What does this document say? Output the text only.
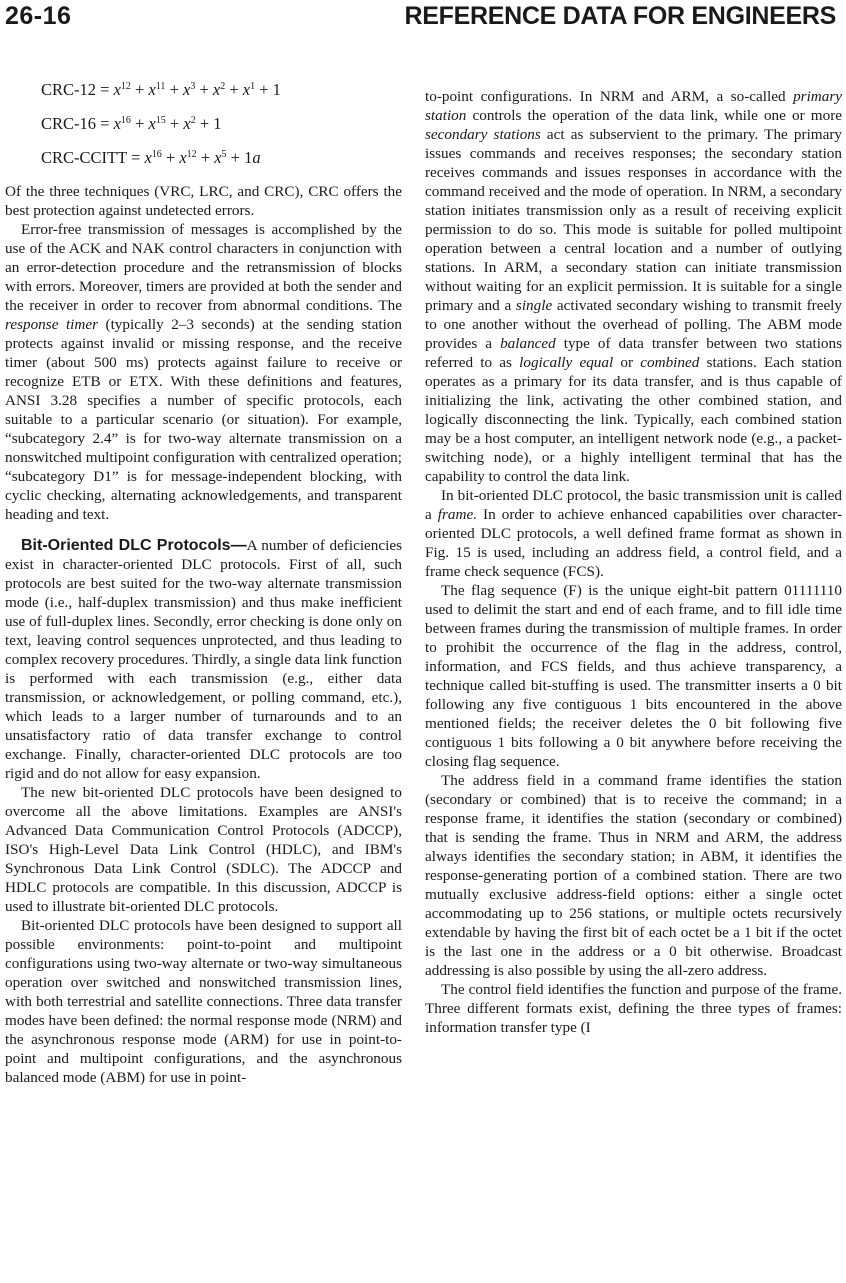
26-16	REFERENCE DATA FOR ENGINEERS
$CRC-12 = x^{12} + x^{11} + x^3 + x^2 + x^1 + 1$
$CRC-16 = x^{16} + x^{15} + x^2 + 1$
CRC-CCITT = $x^{16} + x^{12} + x^5 + 1a$

Of the three techniques (VRC, LRC, and CRC), CRC offers the best protection against undetected errors.

Error-free transmission of messages is accomplished by the use of the ACK and NAK control characters in conjunction with an error-detection procedure and the retransmission of blocks with errors. Moreover, timers are provided at both the sender and the receiver in order to recover from abnormal conditions. The response timer (typically 2–3 seconds) at the sending station protects against invalid or missing response, and the receive timer (about 500 ms) protects against failure to receive or recognize ETB or ETX. With these definitions and features, ANSI 3.28 specifies a number of specific protocols, each suitable to a particular scenario (or situation). For example, “subcategory 2.4” is for two-way alternate transmission on a nonswitched multipoint configuration with centralized operation; “subcategory D1” is for message-independent blocking, with cyclic checking, alternating acknowledgements, and transparent heading and text.

Bit-Oriented DLC Protocols—A number of deficiencies exist in character-oriented DLC protocols. First of all, such protocols are best suited for the two-way alternate transmission mode (i.e., half-duplex transmission) and thus make inefficient use of full-duplex lines. Secondly, error checking is done only on text, leaving control sequences unprotected, and thus leading to complex recovery procedures. Thirdly, a single data link function is performed with each transmission (e.g., either data transmission, or acknowledgement, or polling command, etc.), which leads to a larger number of turnarounds and to an unsatisfactory ratio of data transfer exchange to control exchange. Finally, character-oriented DLC protocols are too rigid and do not allow for easy expansion.

The new bit-oriented DLC protocols have been designed to overcome all the above limitations. Examples are ANSI's Advanced Data Communication Control Protocols (ADCCP), ISO's High-Level Data Link Control (HDLC), and IBM's Synchronous Data Link Control (SDLC). The ADCCP and HDLC protocols are compatible. In this discussion, ADCCP is used to illustrate bit-oriented DLC protocols.

Bit-oriented DLC protocols have been designed to support all possible environments: point-to-point and multipoint configurations using two-way alternate or two-way simultaneous operation over switched and nonswitched transmission lines, with both terrestrial and satellite connections. Three data transfer modes have been defined: the normal response mode (NRM) and the asynchronous response mode (ARM) for use in point-to-point and multipoint configurations, and the asynchronous balanced mode (ABM) for use in point-

to-point configurations. In NRM and ARM, a so-called primary station controls the operation of the data link, while one or more secondary stations act as subservient to the primary. The primary issues commands and receives responses; the secondary station receives commands and issues responses in accordance with the command received and the mode of operation. In NRM, a secondary station initiates transmission only as a result of receiving explicit permission to do so. This mode is suitable for polled multipoint operation between a central location and a number of outlying stations. In ARM, a secondary station can initiate transmission without waiting for an explicit permission. It is suitable for a single primary and a single activated secondary wishing to transmit freely to one another without the overhead of polling. The ABM mode provides a balanced type of data transfer between two stations referred to as logically equal or combined stations. Each station operates as a primary for its data transfer, and is thus capable of initializing the link, activating the other combined station, and logically disconnecting the link. Typically, each combined station may be a host computer, an intelligent network node (e.g., a packet-switching node), or a highly intelligent terminal that has the capability to control the data link.

In bit-oriented DLC protocol, the basic transmission unit is called a frame. In order to achieve enhanced capabilities over character-oriented DLC protocols, a well defined frame format as shown in Fig. 15 is used, including an address field, a control field, and a frame check sequence (FCS).

The flag sequence (F) is the unique eight-bit pattern 01111110 used to delimit the start and end of each frame, and to fill idle time between frames during the transmission of multiple frames. In order to prohibit the occurrence of the flag in the address, control, information, and FCS fields, and thus achieve transparency, a technique called bit-stuffing is used. The transmitter inserts a 0 bit following any five contiguous 1 bits encountered in the above mentioned fields; the receiver deletes the 0 bit following five contiguous 1 bits following a 0 bit anywhere before receiving the closing flag sequence.

The address field in a command frame identifies the station (secondary or combined) that is to receive the command; in a response frame, it identifies the station (secondary or combined) that is sending the frame. Thus in NRM and ARM, the address always identifies the secondary station; in ABM, it identifies the response-generating portion of a combined station. There are two mutually exclusive address-field options: either a single octet accommodating up to 256 stations, or multiple octets recursively extendable by having the first bit of each octet be a 1 bit if the octet is the last one in the address or a 0 bit otherwise. Broadcast addressing is also possible by using the all-zero address.

The control field identifies the function and purpose of the frame. Three different formats exist, defining the three types of frames: information transfer type (I
